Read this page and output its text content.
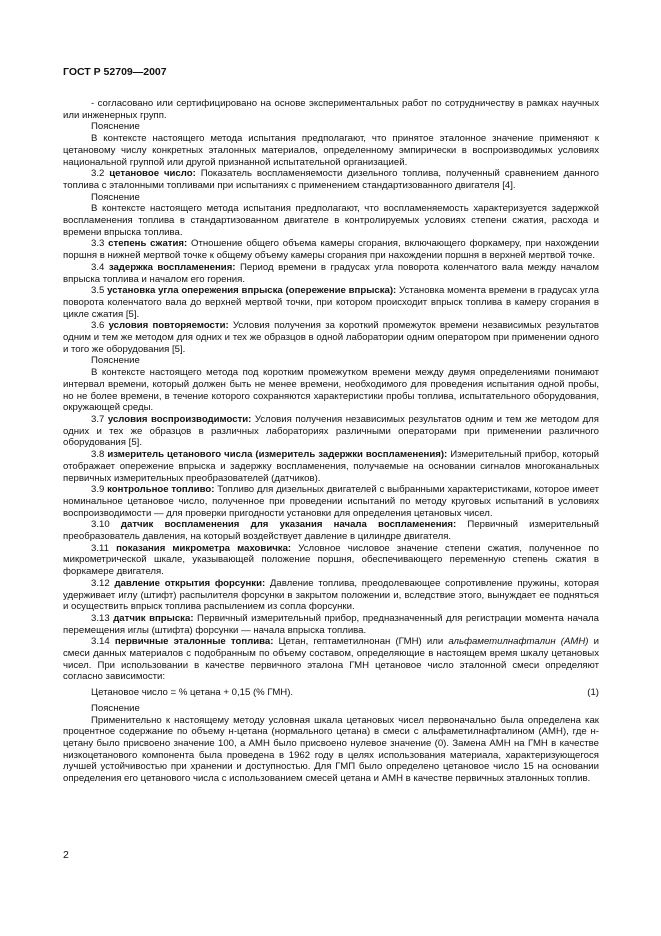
ГОСТ Р 52709—2007

- согласовано или сертифицировано на основе экспериментальных работ по сотрудничеству в рамках научных или инженерных групп.

Пояснение

В контексте настоящего метода испытания предполагают, что принятое эталонное значение применяют к цетановому числу конкретных эталонных материалов, определенному эмпирически в воспроизводимых условиях национальной группой или другой признанной испытательной организацией.

3.2 цетановое число: Показатель воспламеняемости дизельного топлива, полученный сравнением данного топлива с эталонными топливами при испытаниях с применением стандартизованного двигателя [4].

Пояснение

В контексте настоящего метода испытания предполагают, что воспламеняемость характеризуется задержкой воспламенения топлива в стандартизованном двигателе в контролируемых условиях степени сжатия, расхода и времени впрыска топлива.

3.3 степень сжатия: Отношение общего объема камеры сгорания, включающего форкамеру, при нахождении поршня в нижней мертвой точке к общему объему камеры сгорания при нахождении поршня в верхней мертвой точке.

3.4 задержка воспламенения: Период времени в градусах угла поворота коленчатого вала между началом впрыска топлива и началом его горения.

3.5 установка угла опережения впрыска (опережение впрыска): Установка момента времени в градусах угла поворота коленчатого вала до верхней мертвой точки, при котором происходит впрыск топлива в камеру сгорания в цикле сжатия [5].

3.6 условия повторяемости: Условия получения за короткий промежуток времени независимых результатов одним и тем же методом для одних и тех же образцов в одной лаборатории одним оператором при применении одного и того же оборудования [5].

Пояснение

В контексте настоящего метода под коротким промежутком времени между двумя определениями понимают интервал времени, который должен быть не менее времени, необходимого для проведения испытания одной пробы, но не более времени, в течение которого сохраняются характеристики пробы топлива, испытательного оборудования, окружающей среды.

3.7 условия воспроизводимости: Условия получения независимых результатов одним и тем же методом для одних и тех же образцов в различных лабораториях различными операторами при применении различного оборудования [5].

3.8 измеритель цетанового числа (измеритель задержки воспламенения): Измерительный прибор, который отображает опережение впрыска и задержку воспламенения, получаемые на основании сигналов многоканальных первичных измерительных преобразователей (датчиков).

3.9 контрольное топливо: Топливо для дизельных двигателей с выбранными характеристиками, которое имеет номинальное цетановое число, полученное при проведении испытаний по методу круговых испытаний в условиях воспроизводимости — для проверки пригодности установки для определения цетановых чисел.

3.10 датчик воспламенения для указания начала воспламенения: Первичный измерительный преобразователь давления, на который воздействует давление в цилиндре двигателя.

3.11 показания микрометра маховичка: Условное числовое значение степени сжатия, полученное по микрометрической шкале, указывающей положение поршня, обеспечивающего переменную степень сжатия в форкамере двигателя.

3.12 давление открытия форсунки: Давление топлива, преодолевающее сопротивление пружины, которая удерживает иглу (штифт) распылителя форсунки в закрытом положении и, вследствие этого, вынуждает ее подняться и осуществить впрыск топлива распылением из сопла форсунки.

3.13 датчик впрыска: Первичный измерительный прибор, предназначенный для регистрации момента начала перемещения иглы (штифта) форсунки — начала впрыска топлива.

3.14 первичные эталонные топлива: Цетан, гептаметилнонан (ГМН) или альфаметилнафталин (АМН) и смеси данных материалов с подобранным по объему составом, определяющие в настоящем время шкалу цетановых чисел. При использовании в качестве первичного эталона ГМН цетановое число эталонной смеси определяют согласно зависимости:

Цетановое число = % цетана + 0,15 (% ГМН).	(1)

Пояснение

Применительно к настоящему методу условная шкала цетановых чисел первоначально была определена как процентное содержание по объему н-цетана (нормального цетана) в смеси с альфаметилнафталином (АМН), где н-цетану было присвоено значение 100, а АМН было присвоено нулевое значение (0). Замена АМН на ГМН в качестве низкоцетанового компонента была проведена в 1962 году в целях использования материала, характеризующегося лучшей устойчивостью при хранении и доступностью. Для ГМП было определено цетановое число 15 на основании определения его цетанового числа с использованием смесей цетана и АМН в качестве первичных эталонных топлив.

2
